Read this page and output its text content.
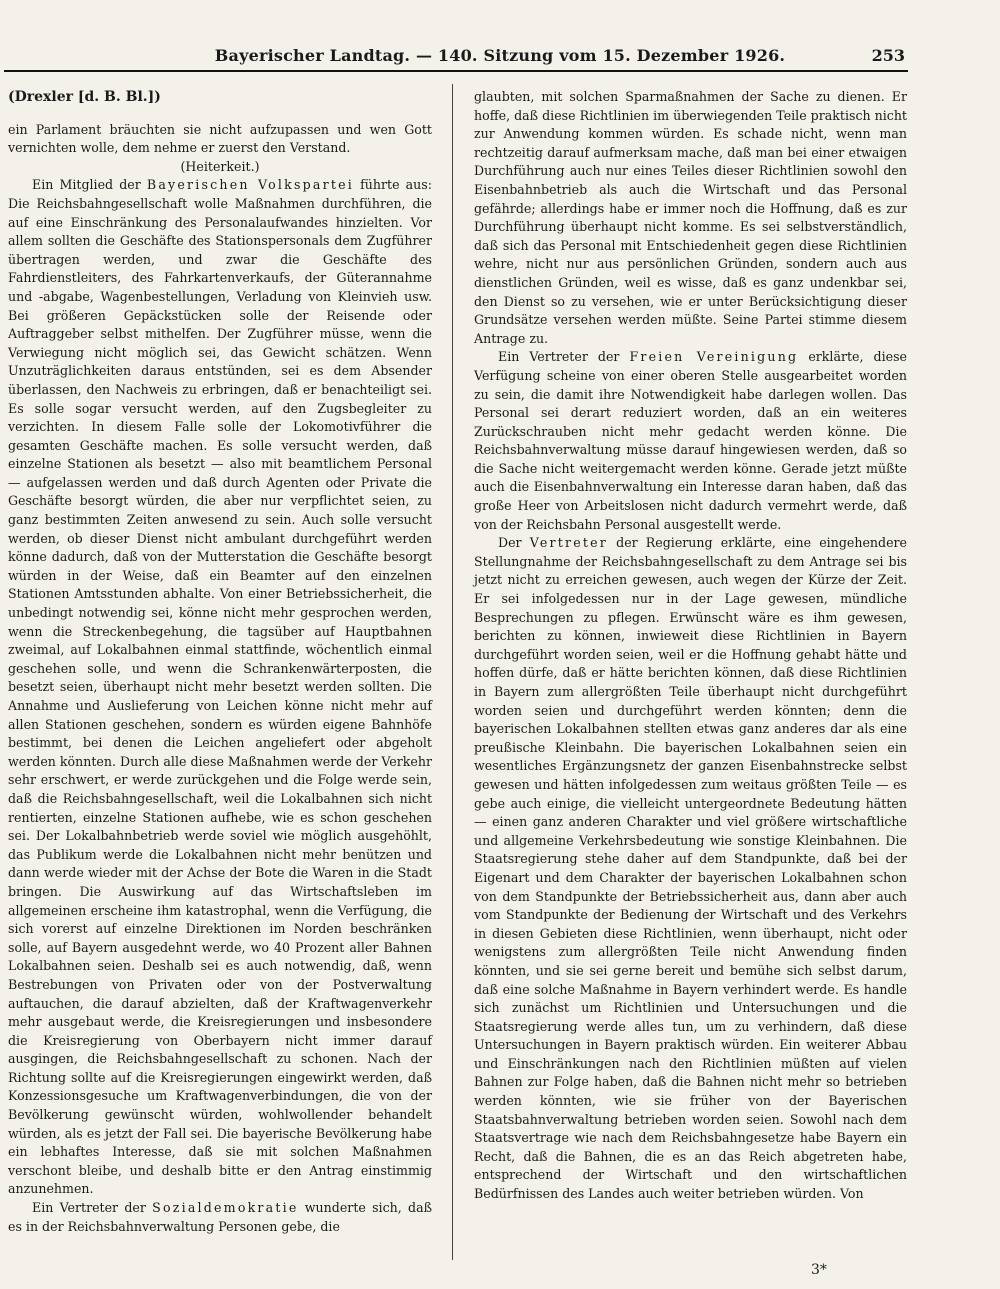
Bayerischer Landtag. — 140. Sitzung vom 15. Dezember 1926.	253

(Drexler [d. B. Bl.])

ein Parlament bräuchten sie nicht aufzupassen und wen Gott vernichten wolle, dem nehme er zuerst den Verstand.

(Heiterkeit.)

Ein Mitglied der Bayerischen Volkspartei führte aus: Die Reichsbahngesellschaft wolle Maßnahmen durchführen, die auf eine Einschränkung des Personalaufwandes hinzielten. Vor allem sollten die Geschäfte des Stationspersonals dem Zugführer übertragen werden, und zwar die Geschäfte des Fahrdienstleiters, des Fahrkartenverkaufs, der Güterannahme und -abgabe, Wagenbestellungen, Verladung von Kleinvieh usw. Bei größeren Gepäckstücken solle der Reisende oder Auftraggeber selbst mithelfen. Der Zugführer müsse, wenn die Verwiegung nicht möglich sei, das Gewicht schätzen. Wenn Unzuträglichkeiten daraus entstünden, sei es dem Absender überlassen, den Nachweis zu erbringen, daß er benachteiligt sei. Es solle sogar versucht werden, auf den Zugsbegleiter zu verzichten. In diesem Falle solle der Lokomotivführer die gesamten Geschäfte machen. Es solle versucht werden, daß einzelne Stationen als besetzt — also mit beamtlichem Personal — aufgelassen werden und daß durch Agenten oder Private die Geschäfte besorgt würden, die aber nur verpflichtet seien, zu ganz bestimmten Zeiten anwesend zu sein. Auch solle versucht werden, ob dieser Dienst nicht ambulant durchgeführt werden könne dadurch, daß von der Mutterstation die Geschäfte besorgt würden in der Weise, daß ein Beamter auf den einzelnen Stationen Amtsstunden abhalte. Von einer Betriebssicherheit, die unbedingt notwendig sei, könne nicht mehr gesprochen werden, wenn die Streckenbegehung, die tagsüber auf Hauptbahnen zweimal, auf Lokalbahnen einmal stattfinde, wöchentlich einmal geschehen solle, und wenn die Schrankenwärterposten, die besetzt seien, überhaupt nicht mehr besetzt werden sollten. Die Annahme und Auslieferung von Leichen könne nicht mehr auf allen Stationen geschehen, sondern es würden eigene Bahnhöfe bestimmt, bei denen die Leichen angeliefert oder abgeholt werden könnten. Durch alle diese Maßnahmen werde der Verkehr sehr erschwert, er werde zurückgehen und die Folge werde sein, daß die Reichsbahngesellschaft, weil die Lokalbahnen sich nicht rentierten, einzelne Stationen aufhebe, wie es schon geschehen sei. Der Lokalbahnbetrieb werde soviel wie möglich ausgehöhlt, das Publikum werde die Lokalbahnen nicht mehr benützen und dann werde wieder mit der Achse der Bote die Waren in die Stadt bringen. Die Auswirkung auf das Wirtschaftsleben im allgemeinen erscheine ihm katastrophal, wenn die Verfügung, die sich vorerst auf einzelne Direktionen im Norden beschränken solle, auf Bayern ausgedehnt werde, wo 40 Prozent aller Bahnen Lokalbahnen seien. Deshalb sei es auch notwendig, daß, wenn Bestrebungen von Privaten oder von der Postverwaltung auftauchen, die darauf abzielten, daß der Kraftwagenverkehr mehr ausgebaut werde, die Kreisregierungen und insbesondere die Kreisregierung von Oberbayern nicht immer darauf ausgingen, die Reichsbahngesellschaft zu schonen. Nach der Richtung sollte auf die Kreisregierungen eingewirkt werden, daß Konzessionsgesuche um Kraftwagenverbindungen, die von der Bevölkerung gewünscht würden, wohlwollender behandelt würden, als es jetzt der Fall sei. Die bayerische Bevölkerung habe ein lebhaftes Interesse, daß sie mit solchen Maßnahmen verschont bleibe, und deshalb bitte er den Antrag einstimmig anzunehmen.

Ein Vertreter der Sozialdemokratie wunderte sich, daß es in der Reichsbahnverwaltung Personen gebe, die

glaubten, mit solchen Sparmaßnahmen der Sache zu dienen. Er hoffe, daß diese Richtlinien im überwiegenden Teile praktisch nicht zur Anwendung kommen würden. Es schade nicht, wenn man rechtzeitig darauf aufmerksam mache, daß man bei einer etwaigen Durchführung auch nur eines Teiles dieser Richtlinien sowohl den Eisenbahnbetrieb als auch die Wirtschaft und das Personal gefährde; allerdings habe er immer noch die Hoffnung, daß es zur Durchführung überhaupt nicht komme. Es sei selbstverständlich, daß sich das Personal mit Entschiedenheit gegen diese Richtlinien wehre, nicht nur aus persönlichen Gründen, sondern auch aus dienstlichen Gründen, weil es wisse, daß es ganz undenkbar sei, den Dienst so zu versehen, wie er unter Berücksichtigung dieser Grundsätze versehen werden müßte. Seine Partei stimme diesem Antrage zu.

Ein Vertreter der Freien Vereinigung erklärte, diese Verfügung scheine von einer oberen Stelle ausgearbeitet worden zu sein, die damit ihre Notwendigkeit habe darlegen wollen. Das Personal sei derart reduziert worden, daß an ein weiteres Zurückschrauben nicht mehr gedacht werden könne. Die Reichsbahnverwaltung müsse darauf hingewiesen werden, daß so die Sache nicht weitergemacht werden könne. Gerade jetzt müßte auch die Eisenbahnverwaltung ein Interesse daran haben, daß das große Heer von Arbeitslosen nicht dadurch vermehrt werde, daß von der Reichsbahn Personal ausgestellt werde.

Der Vertreter der Regierung erklärte, eine eingehendere Stellungnahme der Reichsbahngesellschaft zu dem Antrage sei bis jetzt nicht zu erreichen gewesen, auch wegen der Kürze der Zeit. Er sei infolgedessen nur in der Lage gewesen, mündliche Besprechungen zu pflegen. Erwünscht wäre es ihm gewesen, berichten zu können, inwieweit diese Richtlinien in Bayern durchgeführt worden seien, weil er die Hoffnung gehabt hätte und hoffen dürfe, daß er hätte berichten können, daß diese Richtlinien in Bayern zum allergrößten Teile überhaupt nicht durchgeführt worden seien und durchgeführt werden könnten; denn die bayerischen Lokalbahnen stellten etwas ganz anderes dar als eine preußische Kleinbahn. Die bayerischen Lokalbahnen seien ein wesentliches Ergänzungsnetz der ganzen Eisenbahnstrecke selbst gewesen und hätten infolgedessen zum weitaus größten Teile — es gebe auch einige, die vielleicht untergeordnete Bedeutung hätten — einen ganz anderen Charakter und viel größere wirtschaftliche und allgemeine Verkehrsbedeutung wie sonstige Kleinbahnen. Die Staatsregierung stehe daher auf dem Standpunkte, daß bei der Eigenart und dem Charakter der bayerischen Lokalbahnen schon von dem Standpunkte der Betriebssicherheit aus, dann aber auch vom Standpunkte der Bedienung der Wirtschaft und des Verkehrs in diesen Gebieten diese Richtlinien, wenn überhaupt, nicht oder wenigstens zum allergrößten Teile nicht Anwendung finden könnten, und sie sei gerne bereit und bemühe sich selbst darum, daß eine solche Maßnahme in Bayern verhindert werde. Es handle sich zunächst um Richtlinien und Untersuchungen und die Staatsregierung werde alles tun, um zu verhindern, daß diese Untersuchungen in Bayern praktisch würden. Ein weiterer Abbau und Einschränkungen nach den Richtlinien müßten auf vielen Bahnen zur Folge haben, daß die Bahnen nicht mehr so betrieben werden könnten, wie sie früher von der Bayerischen Staatsbahnverwaltung betrieben worden seien. Sowohl nach dem Staatsvertrage wie nach dem Reichsbahngesetze habe Bayern ein Recht, daß die Bahnen, die es an das Reich abgetreten habe, entsprechend der Wirtschaft und den wirtschaftlichen Bedürfnissen des Landes auch weiter betrieben würden. Von

3*
